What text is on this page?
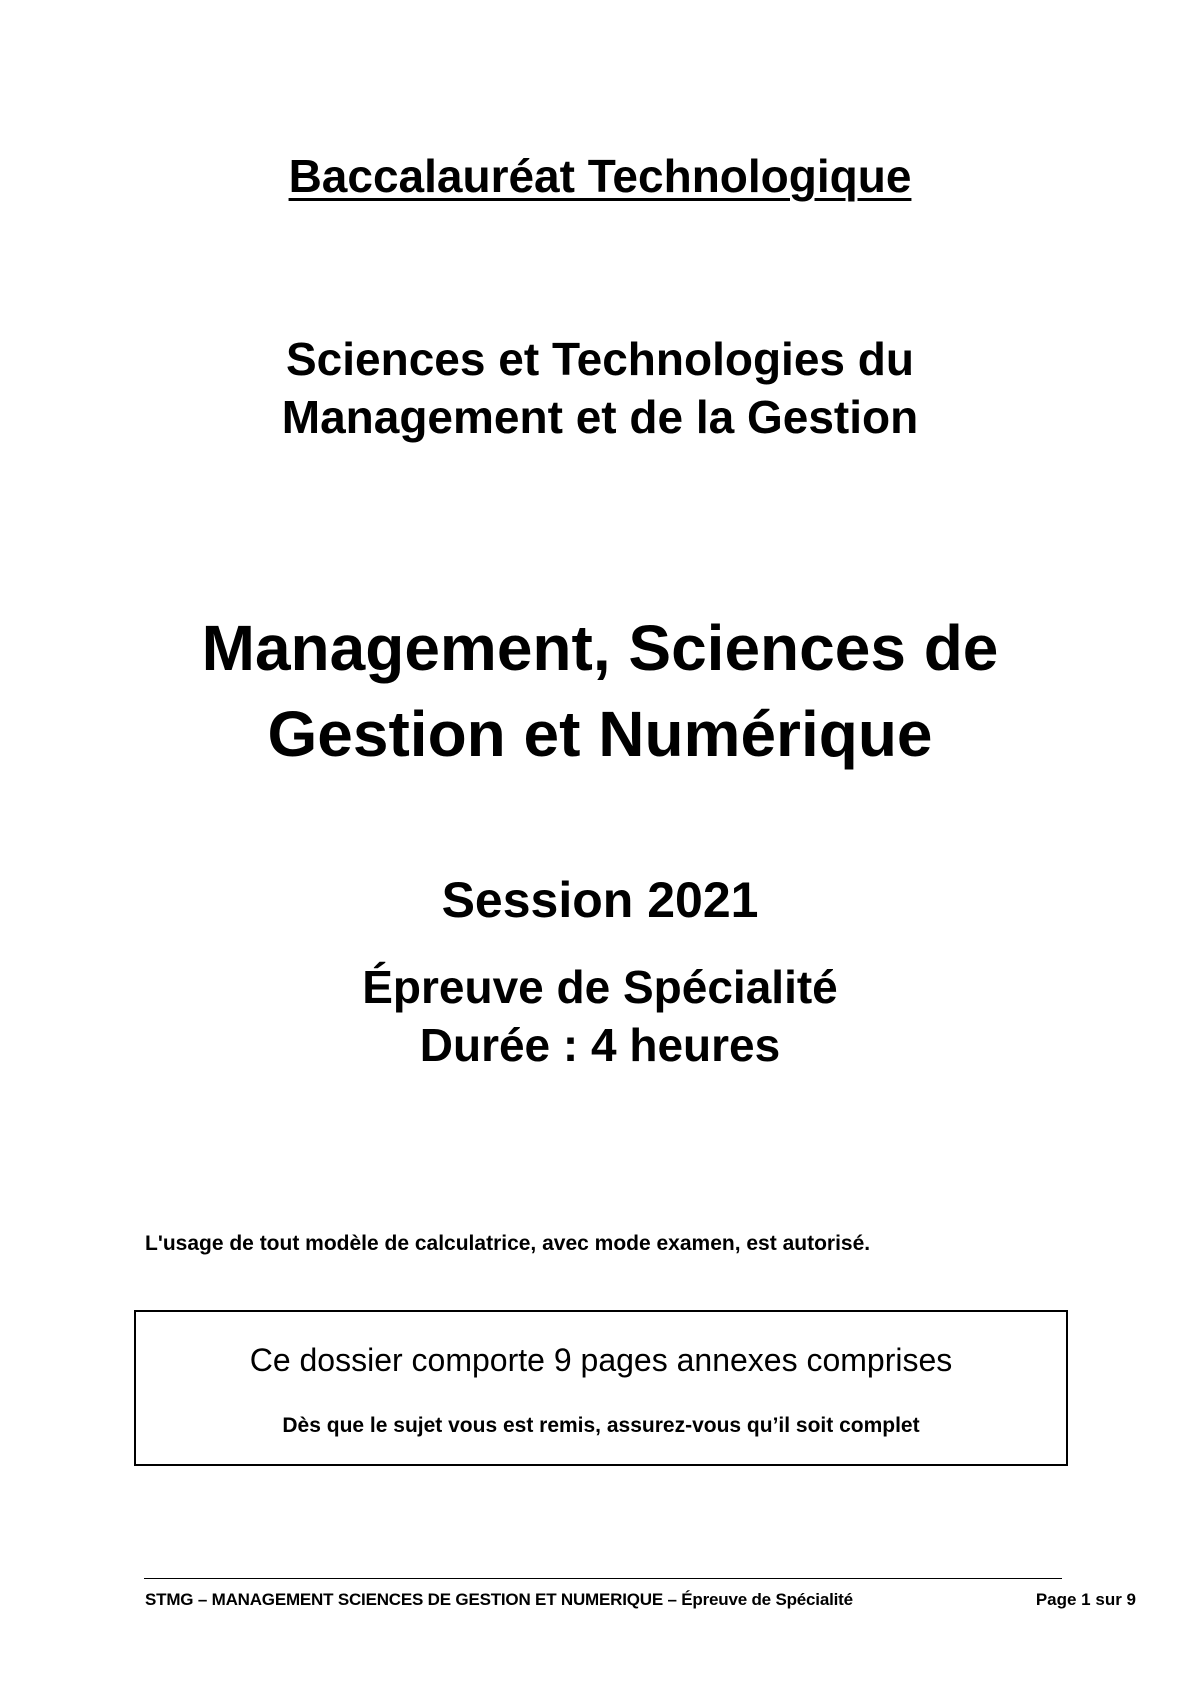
Baccalauréat Technologique
Sciences et Technologies du
Management et de la Gestion
Management, Sciences de
Gestion et Numérique
Session 2021
Épreuve de Spécialité
Durée : 4 heures
L'usage de tout modèle de calculatrice, avec mode examen, est autorisé.
Ce dossier comporte 9 pages annexes comprises
Dès que le sujet vous est remis, assurez-vous qu’il soit complet
STMG – MANAGEMENT SCIENCES DE GESTION ET NUMERIQUE – Épreuve de Spécialité	Page 1 sur 9
